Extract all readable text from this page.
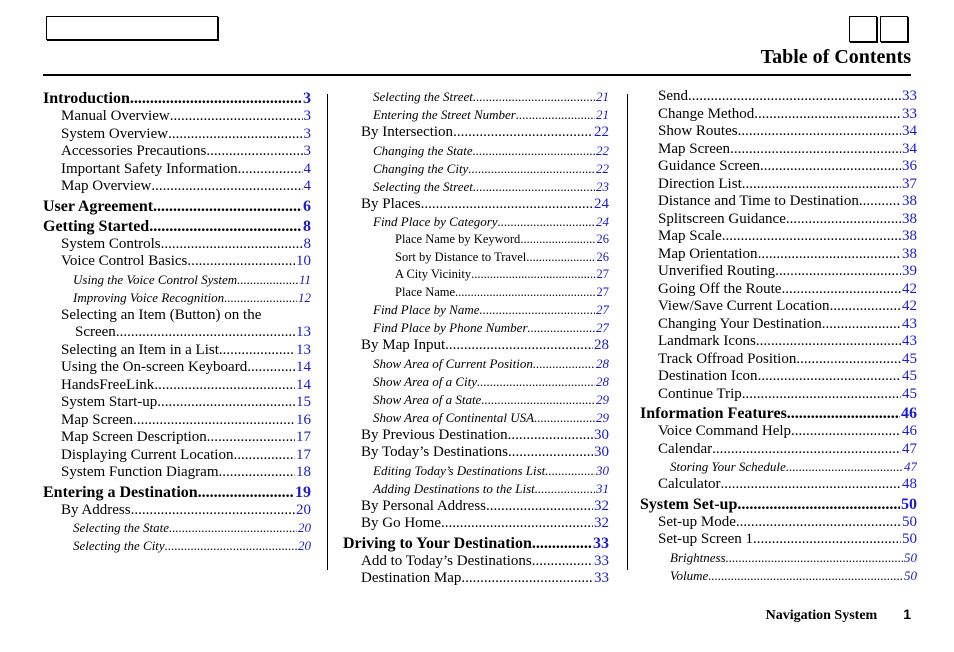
Table of Contents
Introduction .....	3
Manual Overview .....	3
System Overview .....	3
Accessories Precautions .....	3
Important Safety Information .....	4
Map Overview .....	4
User Agreement .....	6
Getting Started .....	8
System Controls .....	8
Voice Control Basics .....	10
Using the Voice Control System .....	11
Improving Voice Recognition .....	12
Selecting an Item (Button) on the
Screen .....	13
Selecting an Item in a List .....	13
Using the On-screen Keyboard .....	14
HandsFreeLink .....	14
System Start-up .....	15
Map Screen .....	16
Map Screen Description .....	17
Displaying Current Location .....	17
System Function Diagram .....	18
Entering a Destination .....	19
By Address .....	20
Selecting the State .....	20
Selecting the City .....	20
Selecting the Street .....	21
Entering the Street Number .....	21
By Intersection .....	22
Changing the State .....	22
Changing the City .....	22
Selecting the Street .....	23
By Places .....	24
Find Place by Category .....	24
Place Name by Keyword .....	26
Sort by Distance to Travel .....	26
A City Vicinity .....	27
Place Name .....	27
Find Place by Name .....	27
Find Place by Phone Number .....	27
By Map Input .....	28
Show Area of Current Position .....	28
Show Area of a City .....	28
Show Area of a State .....	29
Show Area of Continental USA .....	29
By Previous Destination .....	30
By Today’s Destinations .....	30
Editing Today’s Destinations List .....	30
Adding Destinations to the List .....	31
By Personal Address .....	32
By Go Home .....	32
Driving to Your Destination .....	33
Add to Today’s Destinations .....	33
Destination Map .....	33
Send .....	33
Change Method .....	33
Show Routes .....	34
Map Screen .....	34
Guidance Screen .....	36
Direction List .....	37
Distance and Time to Destination .....	38
Splitscreen Guidance .....	38
Map Scale .....	38
Map Orientation .....	38
Unverified Routing .....	39
Going Off the Route .....	42
View/Save Current Location .....	42
Changing Your Destination .....	43
Landmark Icons .....	43
Track Offroad Position .....	45
Destination Icon .....	45
Continue Trip .....	45
Information Features .....	46
Voice Command Help .....	46
Calendar .....	47
Storing Your Schedule .....	47
Calculator .....	48
System Set-up .....	50
Set-up Mode .....	50
Set-up Screen 1 .....	50
Brightness .....	50
Volume .....	50
Navigation System 1
